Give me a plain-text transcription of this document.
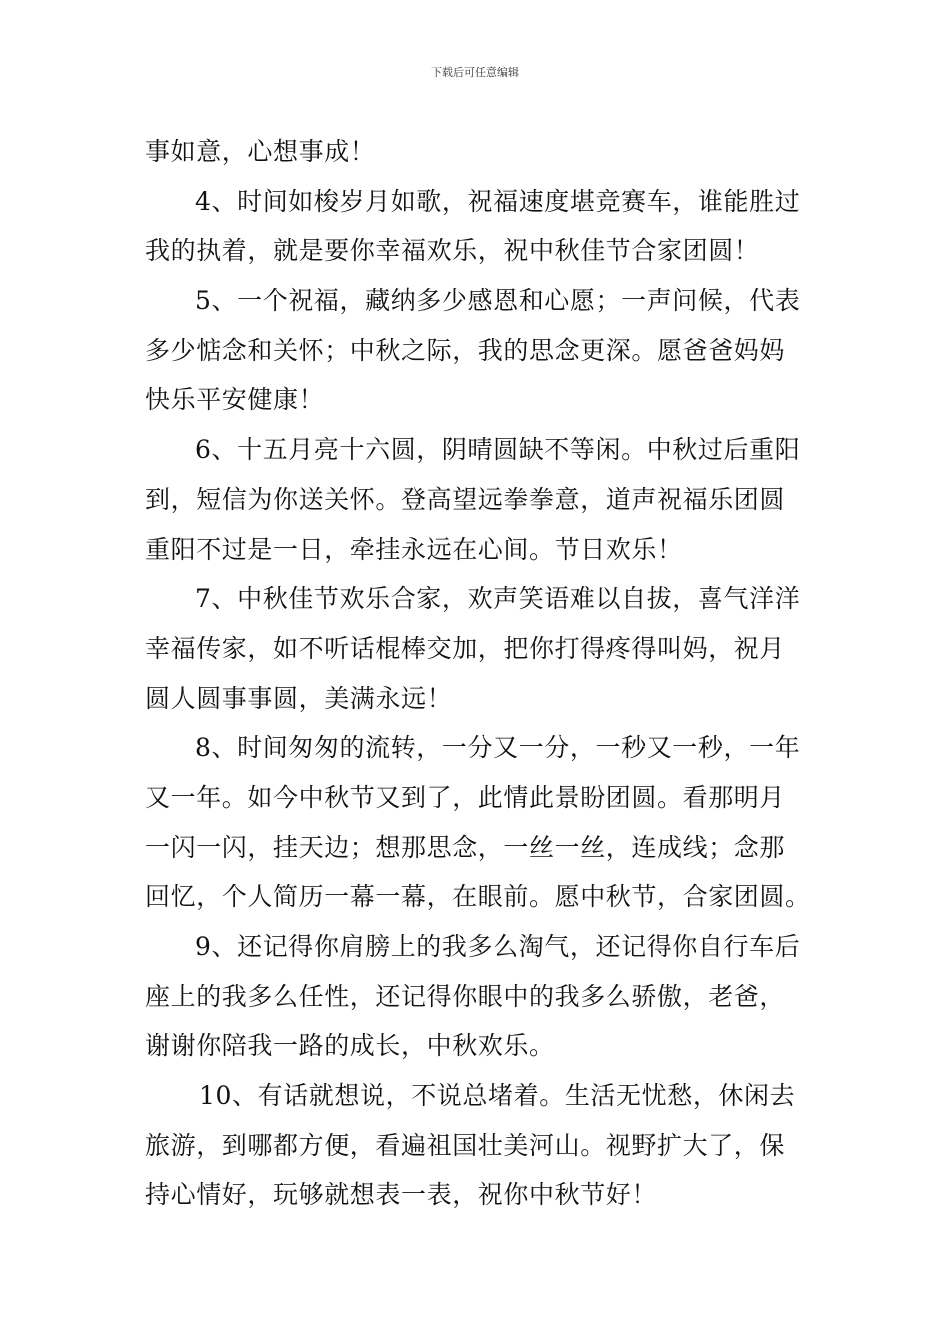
下载后可任意编辑
事如意，心想事成！
4、时间如梭岁月如歌，祝福速度堪竞赛车，谁能胜过
我的执着，就是要你幸福欢乐，祝中秋佳节合家团圆！
5、一个祝福，藏纳多少感恩和心愿；一声问候，代表
多少惦念和关怀；中秋之际，我的思念更深。愿爸爸妈妈
快乐平安健康！
6、十五月亮十六圆，阴晴圆缺不等闲。中秋过后重阳
到，短信为你送关怀。登高望远拳拳意，道声祝福乐团圆
重阳不过是一日，牵挂永远在心间。节日欢乐！
7、中秋佳节欢乐合家，欢声笑语难以自拔，喜气洋洋
幸福传家，如不听话棍棒交加，把你打得疼得叫妈，祝月
圆人圆事事圆，美满永远！
8、时间匆匆的流转，一分又一分，一秒又一秒，一年
又一年。如今中秋节又到了，此情此景盼团圆。看那明月
一闪一闪，挂天边；想那思念，一丝一丝，连成线；念那
回忆，个人简历一幕一幕，在眼前。愿中秋节，合家团圆。
9、还记得你肩膀上的我多么淘气，还记得你自行车后
座上的我多么任性，还记得你眼中的我多么骄傲，老爸，
谢谢你陪我一路的成长，中秋欢乐。
10、有话就想说，不说总堵着。生活无忧愁，休闲去
旅游，到哪都方便，看遍祖国壮美河山。视野扩大了，保
持心情好，玩够就想表一表，祝你中秋节好！
